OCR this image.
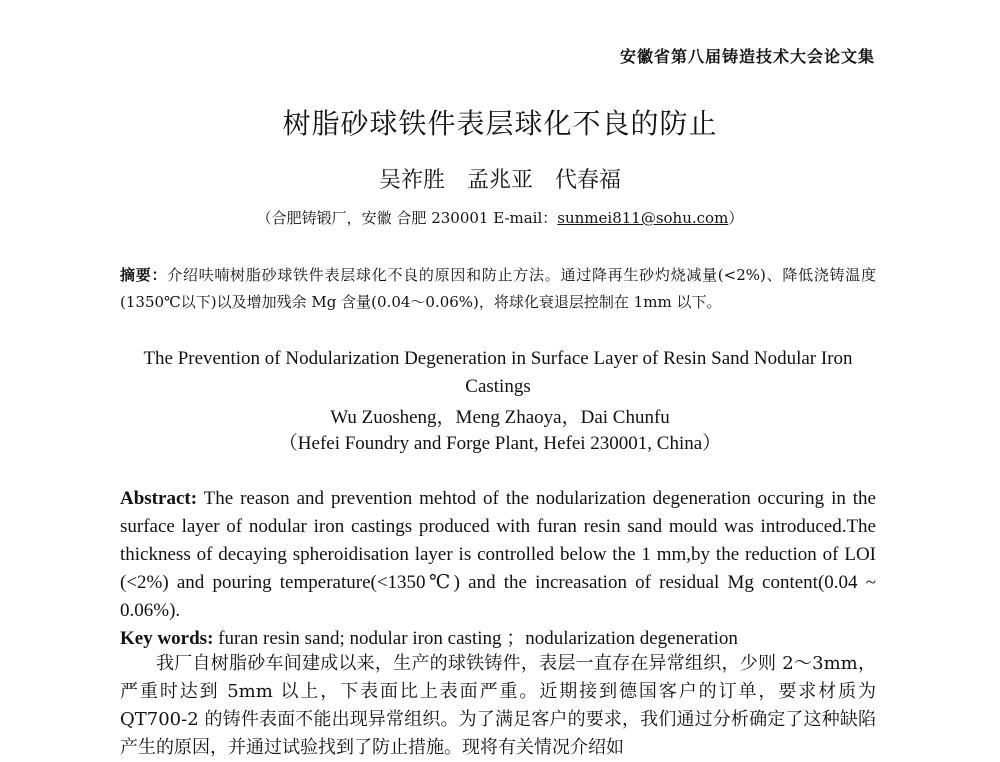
安徽省第八届铸造技术大会论文集
树脂砂球铁件表层球化不良的防止
吴祚胜　孟兆亚　代春福
（合肥铸锻厂，安徽 合肥 230001 E-mail：sunmei811@sohu.com）
摘要：介绍呋喃树脂砂球铁件表层球化不良的原因和防止方法。通过降再生砂灼烧减量(<2%)、降低浇铸温度(1350℃以下)以及增加残余 Mg 含量(0.04～0.06%)，将球化衰退层控制在 1mm 以下。
The Prevention of Nodularization Degeneration in Surface Layer of Resin Sand Nodular Iron Castings
Wu Zuosheng，Meng Zhaoya，Dai Chunfu
（Hefei Foundry and Forge Plant, Hefei 230001, China）
Abstract: The reason and prevention mehtod of the nodularization degeneration occuring in the surface layer of nodular iron castings produced with furan resin sand mould was introduced.The thickness of decaying spheroidisation layer is controlled below the 1 mm,by the reduction of LOI (<2%) and pouring temperature(<1350℃) and the increasation of residual Mg content(0.04 ~ 0.06%).
Key words: furan resin sand; nodular iron casting ；nodularization degeneration
我厂自树脂砂车间建成以来，生产的球铁铸件，表层一直存在异常组织，少则 2～3mm，严重时达到 5mm 以上，下表面比上表面严重。近期接到德国客户的订单，要求材质为 QT700-2 的铸件表面不能出现异常组织。为了满足客户的要求，我们通过分析确定了这种缺陷产生的原因，并通过试验找到了防止措施。现将有关情况介绍如
